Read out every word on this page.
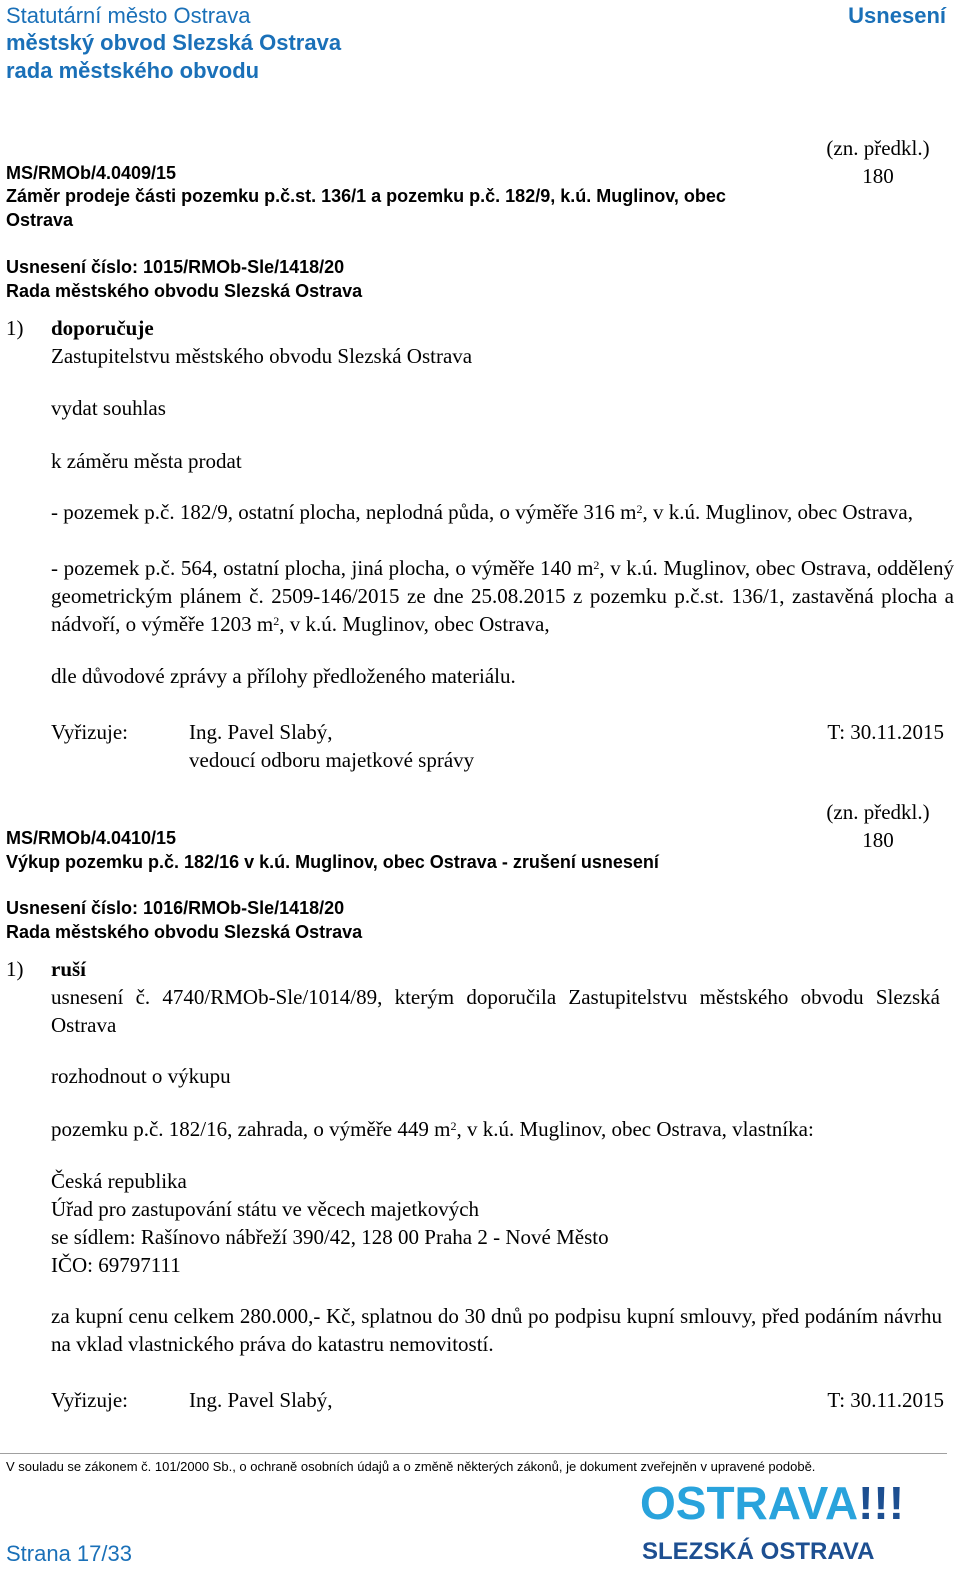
Statutární město Ostrava
městský obvod Slezská Ostrava
rada městského obvodu
Usnesení
(zn. předkl.)
180
MS/RMOb/4.0409/15
Záměr prodeje části pozemku p.č.st. 136/1 a pozemku p.č. 182/9, k.ú. Muglinov, obec
Ostrava
Usnesení číslo: 1015/RMOb-Sle/1418/20
Rada městského obvodu Slezská Ostrava
1) doporučuje
Zastupitelstvu městského obvodu Slezská Ostrava
vydat souhlas
k záměru města prodat
- pozemek p.č. 182/9, ostatní plocha, neplodná půda, o výměře 316 $m^2$, v k.ú. Muglinov, obec Ostrava,
- pozemek p.č. 564, ostatní plocha, jiná plocha, o výměře 140 $m^2$, v k.ú. Muglinov, obec Ostrava, oddělený geometrickým plánem č. 2509-146/2015 ze dne 25.08.2015 z pozemku p.č.st. 136/1, zastavěná plocha a nádvoří, o výměře 1203 $m^2$, v k.ú. Muglinov, obec Ostrava,
dle důvodové zprávy a přílohy předloženého materiálu.
Vyřizuje:	Ing. Pavel Slabý,
vedoucí odboru majetkové správy
T: 30.11.2015
(zn. předkl.)
180
MS/RMOb/4.0410/15
Výkup pozemku p.č. 182/16 v k.ú. Muglinov, obec Ostrava - zrušení usnesení
Usnesení číslo: 1016/RMOb-Sle/1418/20
Rada městského obvodu Slezská Ostrava
1) ruší
usnesení č. 4740/RMOb-Sle/1014/89, kterým doporučila Zastupitelstvu městského obvodu Slezská Ostrava
rozhodnout o výkupu
pozemku p.č. 182/16, zahrada, o výměře 449 $m^2$, v k.ú. Muglinov, obec Ostrava, vlastníka:
Česká republika
Úřad pro zastupování státu ve věcech majetkových
se sídlem: Rašínovo nábřeží 390/42, 128 00 Praha 2 - Nové Město
IČO: 69797111
za kupní cenu celkem 280.000,- Kč, splatnou do 30 dnů po podpisu kupní smlouvy, před podáním návrhu na vklad vlastnického práva do katastru nemovitostí.
Vyřizuje:	Ing. Pavel Slabý,	T: 30.11.2015
V souladu se zákonem č. 101/2000 Sb., o ochraně osobních údajů a o změně některých zákonů, je dokument zveřejněn v upravené podobě.
Strana 17/33
OSTRAVA!!!
SLEZSKÁ OSTRAVA
